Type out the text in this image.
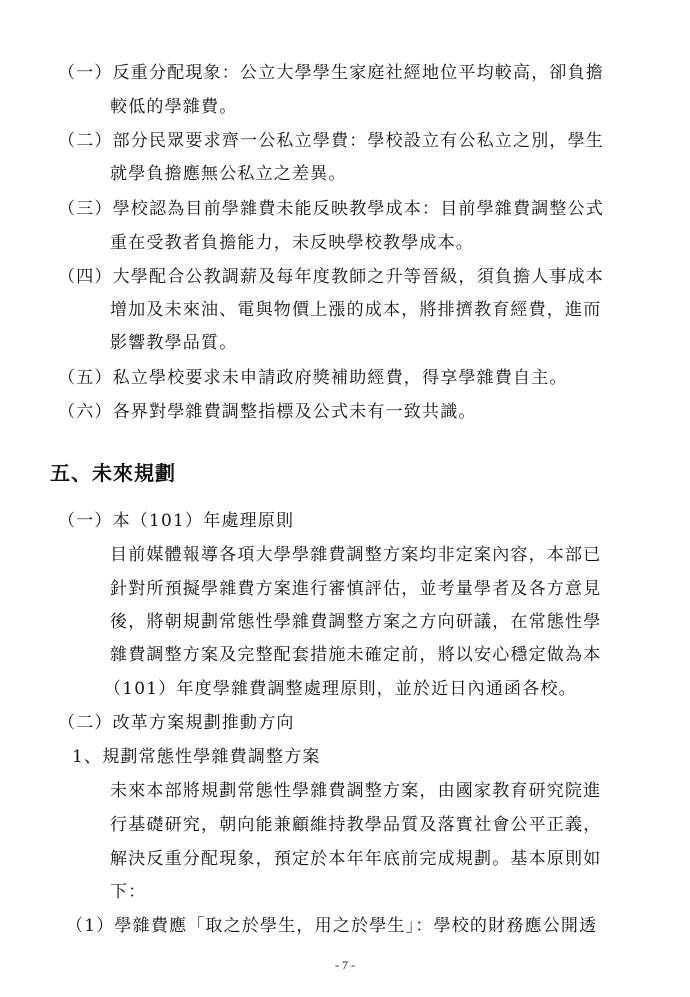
（一）反重分配現象：公立大學學生家庭社經地位平均較高，卻負擔
較低的學雜費。
（二）部分民眾要求齊一公私立學費：學校設立有公私立之別，學生
就學負擔應無公私立之差異。
（三）學校認為目前學雜費未能反映教學成本：目前學雜費調整公式
重在受教者負擔能力，未反映學校教學成本。
（四）大學配合公教調薪及每年度教師之升等晉級，須負擔人事成本
增加及未來油、電與物價上漲的成本，將排擠教育經費，進而
影響教學品質。
（五）私立學校要求未申請政府獎補助經費，得享學雜費自主。
（六）各界對學雜費調整指標及公式未有一致共識。
五、未來規劃
（一）本（101）年處理原則
目前媒體報導各項大學學雜費調整方案均非定案內容，本部已
針對所預擬學雜費方案進行審慎評估，並考量學者及各方意見
後，將朝規劃常態性學雜費調整方案之方向研議，在常態性學
雜費調整方案及完整配套措施未確定前，將以安心穩定做為本
（101）年度學雜費調整處理原則，並於近日內通函各校。
（二）改革方案規劃推動方向
1、規劃常態性學雜費調整方案
未來本部將規劃常態性學雜費調整方案，由國家教育研究院進
行基礎研究，朝向能兼顧維持教學品質及落實社會公平正義，
解決反重分配現象，預定於本年年底前完成規劃。基本原則如
下：
（1）學雜費應「取之於學生，用之於學生」：學校的財務應公開透
- 7 -
